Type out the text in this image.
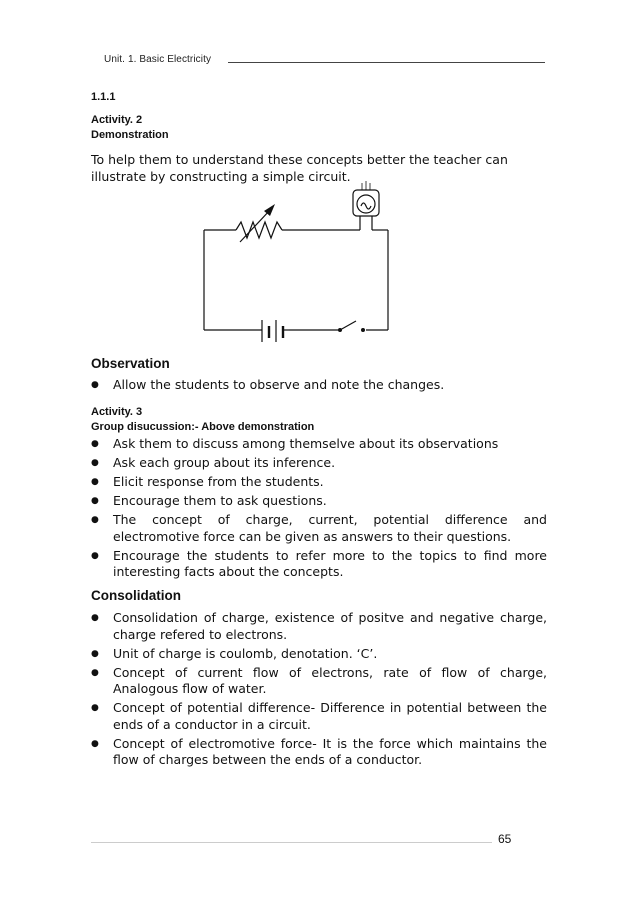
Unit. 1. Basic Electricity
1.1.1
Activity. 2
Demonstration
To help them to understand these concepts better the teacher can illustrate by constructing a simple circuit.
Observation
● Allow the students to observe and note the changes.
Activity. 3
Group disucussion:- Above demonstration
● Ask them to discuss among themselve about its observations
● Ask each group about its inference.
● Elicit response from the students.
● Encourage them to ask questions.
● The concept of charge, current, potential difference and electromotive force can be given as answers to their questions.
● Encourage the students to refer more to the topics to find more interesting facts about the concepts.
Consolidation
● Consolidation of charge, existence of positve and negative charge, charge refered to electrons.
● Unit of charge is coulomb, denotation. ‘C’.
● Concept of current flow of electrons, rate of flow of charge, Analogous flow of water.
● Concept of potential difference- Difference in potential between the ends of a conductor in a circuit.
● Concept of electromotive force- It is the force which maintains the flow of charges between the ends of a conductor.
65
